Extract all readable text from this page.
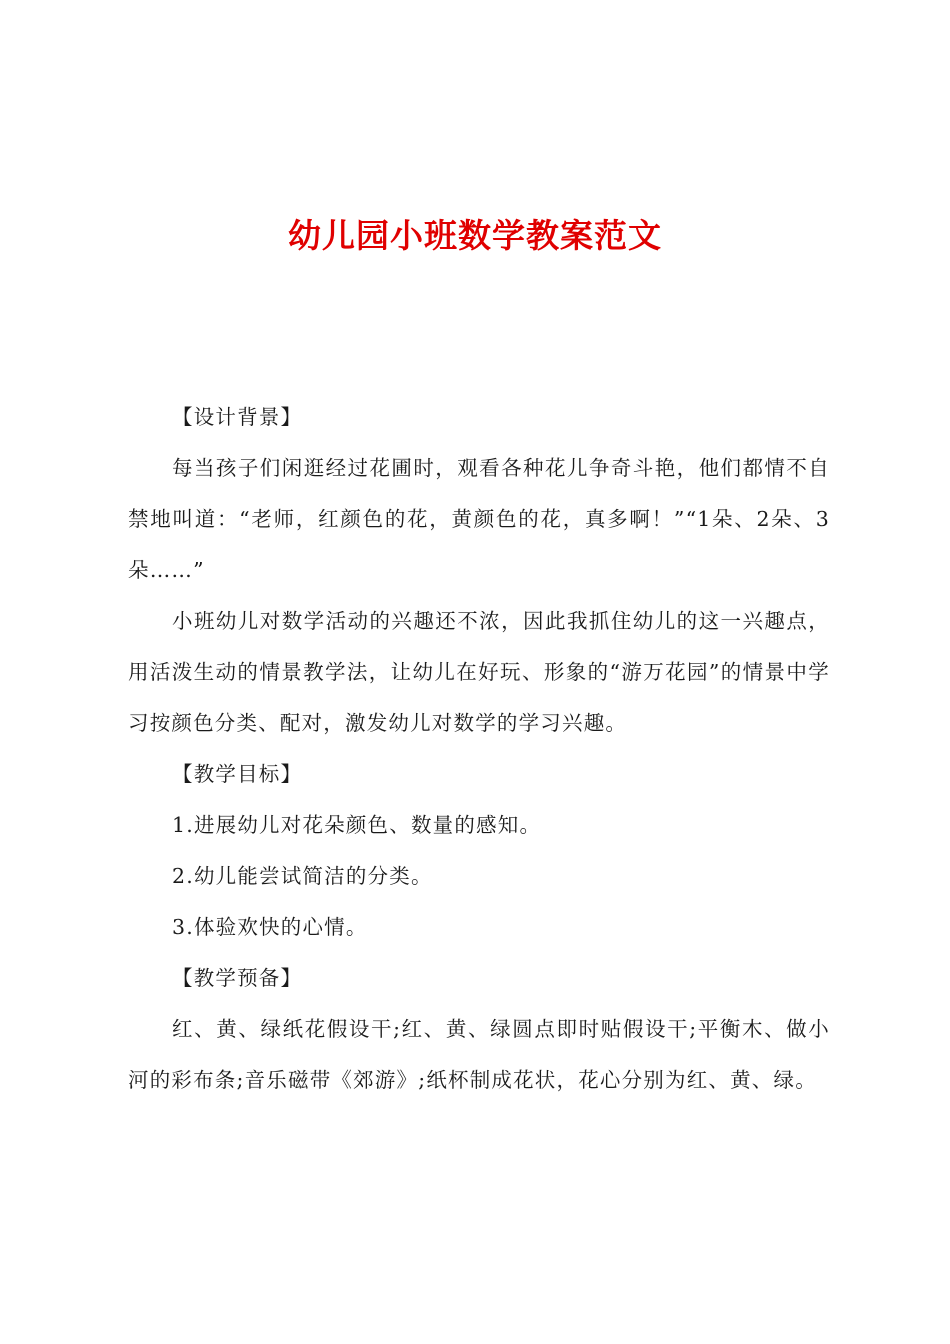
幼儿园小班数学教案范文

【设计背景】

每当孩子们闲逛经过花圃时，观看各种花儿争奇斗艳，他们都情不自禁地叫道：“老师，红颜色的花，黄颜色的花，真多啊！”“1朵、2朵、3朵……”

小班幼儿对数学活动的兴趣还不浓，因此我抓住幼儿的这一兴趣点，用活泼生动的情景教学法，让幼儿在好玩、形象的“游万花园”的情景中学习按颜色分类、配对，激发幼儿对数学的学习兴趣。

【教学目标】

1.进展幼儿对花朵颜色、数量的感知。

2.幼儿能尝试简洁的分类。

3.体验欢快的心情。

【教学预备】

红、黄、绿纸花假设干;红、黄、绿圆点即时贴假设干;平衡木、做小河的彩布条;音乐磁带《郊游》;纸杯制成花状，花心分别为红、黄、绿。
